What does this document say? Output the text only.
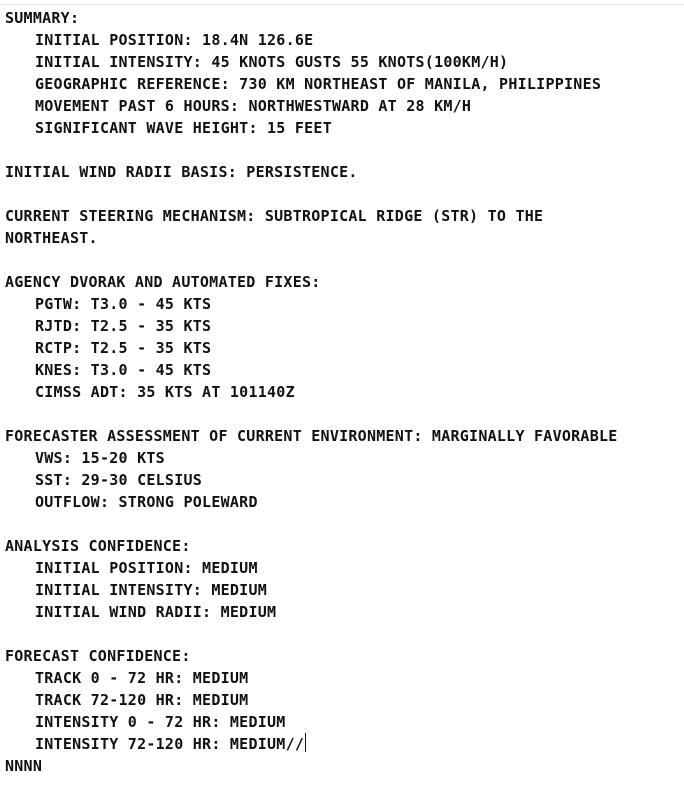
SUMMARY:
INITIAL POSITION: 18.4N 126.6E
INITIAL INTENSITY: 45 KNOTS GUSTS 55 KNOTS(100KM/H)
GEOGRAPHIC REFERENCE: 730 KM NORTHEAST OF MANILA, PHILIPPINES
MOVEMENT PAST 6 HOURS: NORTHWESTWARD AT 28 KM/H
SIGNIFICANT WAVE HEIGHT: 15 FEET
INITIAL WIND RADII BASIS: PERSISTENCE.
CURRENT STEERING MECHANISM: SUBTROPICAL RIDGE (STR) TO THE
NORTHEAST.
AGENCY DVORAK AND AUTOMATED FIXES:
PGTW: T3.0 - 45 KTS
RJTD: T2.5 - 35 KTS
RCTP: T2.5 - 35 KTS
KNES: T3.0 - 45 KTS
CIMSS ADT: 35 KTS AT 101140Z
FORECASTER ASSESSMENT OF CURRENT ENVIRONMENT: MARGINALLY FAVORABLE
VWS: 15-20 KTS
SST: 29-30 CELSIUS
OUTFLOW: STRONG POLEWARD
ANALYSIS CONFIDENCE:
INITIAL POSITION: MEDIUM
INITIAL INTENSITY: MEDIUM
INITIAL WIND RADII: MEDIUM
FORECAST CONFIDENCE:
TRACK 0 - 72 HR: MEDIUM
TRACK 72-120 HR: MEDIUM
INTENSITY 0 - 72 HR: MEDIUM
INTENSITY 72-120 HR: MEDIUM//
NNNN
